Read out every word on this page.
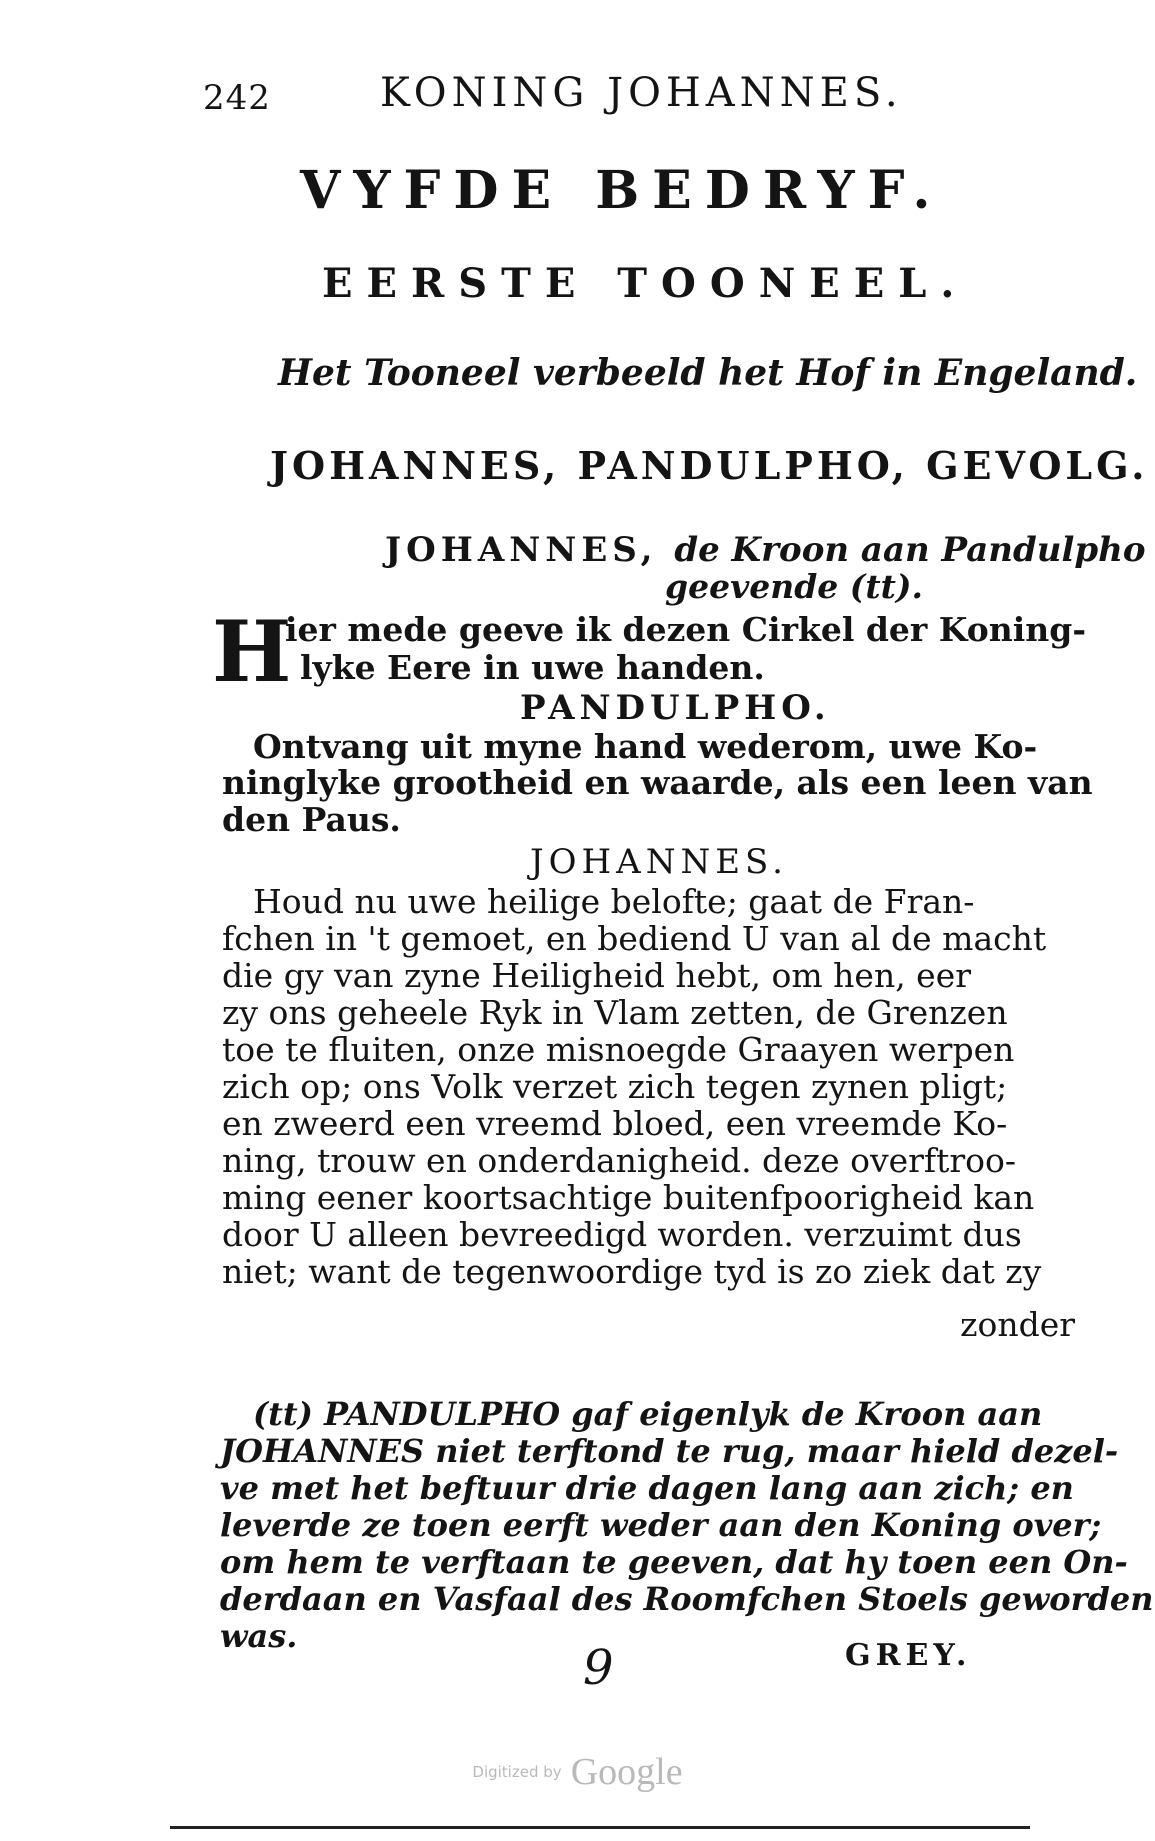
242	KONING JOHANNES.
VYFDE BEDRYF.
EERSTE TOONEEL.
Het Tooneel verbeeld het Hof in Engeland.
JOHANNES, PANDULPHO, GEVOLG.
JOHANNES, de Kroon aan Pandulpho
geevende (tt).
H
ier mede geeve ik dezen Cirkel der Koning-
lyke Eere in uwe handen.
PANDULPHO.
Ontvang uit myne hand wederom, uwe Ko-
ninglyke grootheid en waarde, als een leen van
den Paus.
JOHANNES.
Houd nu uwe heilige belofte; gaat de Fran-
fchen in 't gemoet, en bediend U van al de macht
die gy van zyne Heiligheid hebt, om hen, eer
zy ons geheele Ryk in Vlam zetten, de Grenzen
toe te fluiten, onze misnoegde Graayen werpen
zich op; ons Volk verzet zich tegen zynen pligt;
en zweerd een vreemd bloed, een vreemde Ko-
ning, trouw en onderdanigheid. deze overftroo-
ming eener koortsachtige buitenfpoorigheid kan
door U alleen bevreedigd worden. verzuimt dus
niet; want de tegenwoordige tyd is zo ziek dat zy
zonder
(tt) PANDULPHO gaf eigenlyk de Kroon aan
JOHANNES niet terftond te rug, maar hield dezel-
ve met het beftuur drie dagen lang aan zich; en
leverde ze toen eerft weder aan den Koning over;
om hem te verftaan te geeven, dat hy toen een On-
derdaan en Vasfaal des Roomfchen Stoels geworden
was.
9	GREY.
Digitized by Google
